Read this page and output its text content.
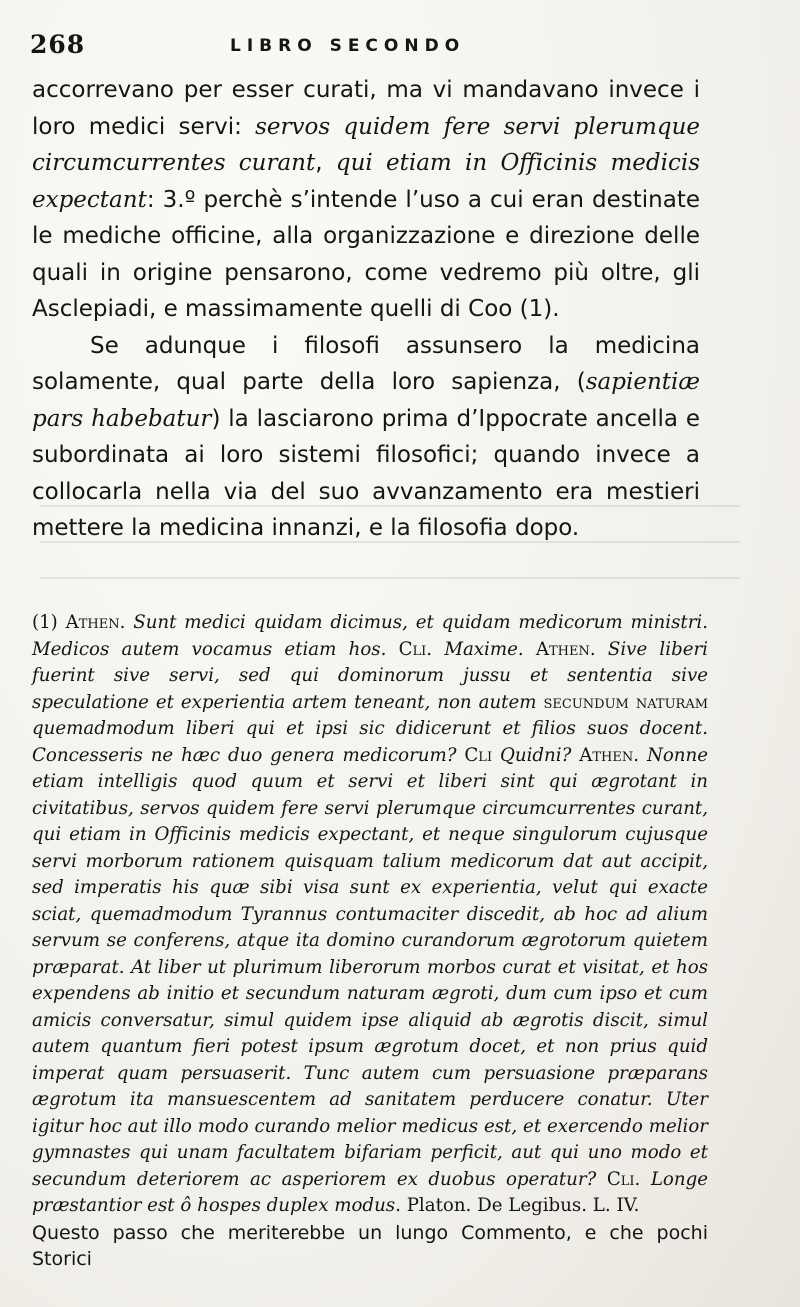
268	LIBRO SECONDO

accorrevano per esser curati, ma vi mandavano invece i loro medici servi: servos quidem fere servi plerumque circumcurrentes curant, qui etiam in Officinis medicis expectant: 3.º perchè s’intende l’uso a cui eran destinate le mediche officine, alla organizzazione e direzione delle quali in origine pensarono, come vedremo più oltre, gli Asclepiadi, e massimamente quelli di Coo (1).

Se adunque i filosofi assunsero la medicina solamente, qual parte della loro sapienza, (sapientiæ pars habebatur) la lasciarono prima d’Ippocrate ancella e subordinata ai loro sistemi filosofici; quando invece a collocarla nella via del suo avvanzamento era mestieri mettere la medicina innanzi, e la filosofia dopo.

(1) Athen. Sunt medici quidam dicimus, et quidam medicorum ministri. Medicos autem vocamus etiam hos. Cli. Maxime. Athen. Sive liberi fuerint sive servi, sed qui dominorum jussu et sententia sive speculatione et experientia artem teneant, non autem secundum naturam quemadmodum liberi qui et ipsi sic didicerunt et filios suos docent. Concesseris ne hæc duo genera medicorum? Cli Quidni? Athen. Nonne etiam intelligis quod quum et servi et liberi sint qui ægrotant in civitatibus, servos quidem fere servi plerumque circumcurrentes curant, qui etiam in Officinis medicis expectant, et neque singulorum cujusque servi morborum rationem quisquam talium medicorum dat aut accipit, sed imperatis his quæ sibi visa sunt ex experientia, velut qui exacte sciat, quemadmodum Tyrannus contumaciter discedit, ab hoc ad alium servum se conferens, atque ita domino curandorum ægrotorum quietem præparat. At liber ut plurimum liberorum morbos curat et visitat, et hos expendens ab initio et secundum naturam ægroti, dum cum ipso et cum amicis conversatur, simul quidem ipse aliquid ab ægrotis discit, simul autem quantum fieri potest ipsum ægrotum docet, et non prius quid imperat quam persuaserit. Tunc autem cum persuasione præparans ægrotum ita mansuescentem ad sanitatem perducere conatur. Uter igitur hoc aut illo modo curando melior medicus est, et exercendo melior gymnastes qui unam facultatem bifariam perficit, aut qui uno modo et secundum deteriorem ac asperiorem ex duobus operatur? Cli. Longe præstantior est ô hospes duplex modus. Platon. De Legibus. L. IV.

Questo passo che meriterebbe un lungo Commento, e che pochi Storici
